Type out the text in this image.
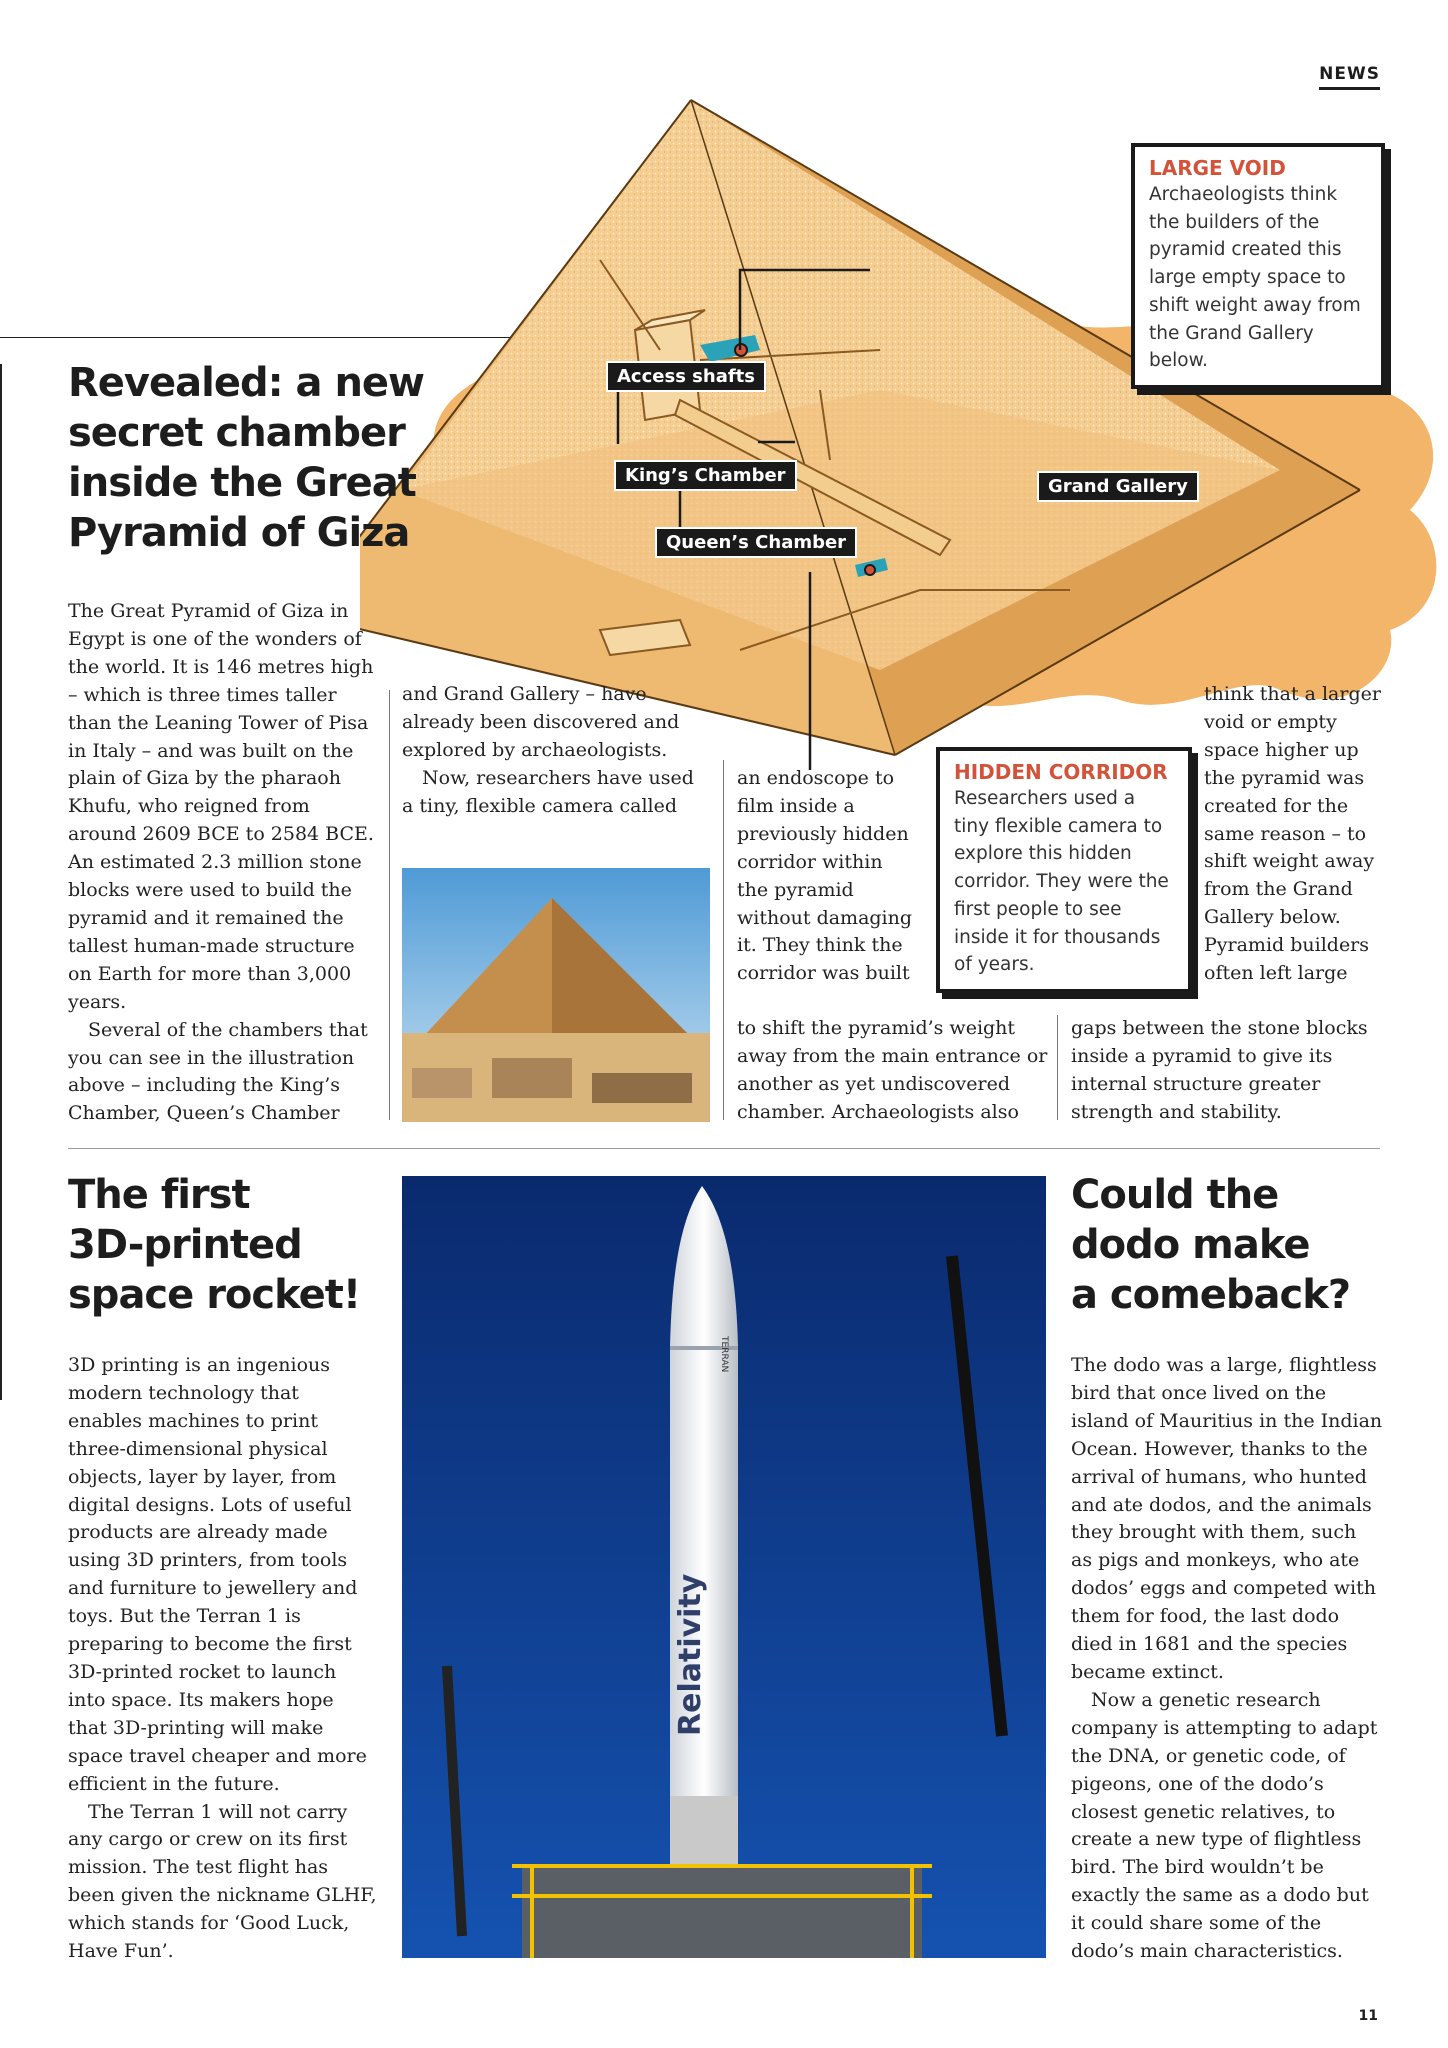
NEWS
Access shafts
King’s Chamber
Queen’s Chamber
Grand Gallery
LARGE VOID
Archaeologists think the builders of the pyramid created this large empty space to shift weight away from the Grand Gallery below.
HIDDEN CORRIDOR
Researchers used a tiny flexible camera to explore this hidden corridor. They were the first people to see inside it for thousands of years.
Revealed: a new
secret chamber
inside the Great
Pyramid of Giza

The Great Pyramid of Giza in Egypt is one of the wonders of the world. It is 146 metres high – which is three times taller than the Leaning Tower of Pisa in Italy – and was built on the plain of Giza by the pharaoh Khufu, who reigned from around 2609 BCE to 2584 BCE. An estimated 2.3 million stone blocks were used to build the pyramid and it remained the tallest human-made structure on Earth for more than 3,000 years.

Several of the chambers that you can see in the illustration above – including the King’s Chamber, Queen’s Chamber

and Grand Gallery – have already been discovered and explored by archaeologists.

Now, researchers have used a tiny, flexible camera called

an endoscope to film inside a previously hidden corridor within the pyramid without damaging it. They think the corridor was built

to shift the pyramid’s weight away from the main entrance or another as yet undiscovered chamber. Archaeologists also

think that a larger void or empty space higher up the pyramid was created for the same reason – to shift weight away from the Grand Gallery below. Pyramid builders often left large

gaps between the stone blocks inside a pyramid to give its internal structure greater strength and stability.

The first
3D-printed
space rocket!

3D printing is an ingenious modern technology that enables machines to print three-dimensional physical objects, layer by layer, from digital designs. Lots of useful products are already made using 3D printers, from tools and furniture to jewellery and toys. But the Terran 1 is preparing to become the first 3D-printed rocket to launch into space. Its makers hope that 3D-printing will make space travel cheaper and more efficient in the future.

The Terran 1 will not carry any cargo or crew on its first mission. The test flight has been given the nickname GLHF, which stands for ‘Good Luck, Have Fun’.

Relativity
TERRAN
Could the
dodo make
a comeback?

The dodo was a large, flightless bird that once lived on the island of Mauritius in the Indian Ocean. However, thanks to the arrival of humans, who hunted and ate dodos, and the animals they brought with them, such as pigs and monkeys, who ate dodos’ eggs and competed with them for food, the last dodo died in 1681 and the species became extinct.

Now a genetic research company is attempting to adapt the DNA, or genetic code, of pigeons, one of the dodo’s closest genetic relatives, to create a new type of flightless bird. The bird wouldn’t be exactly the same as a dodo but it could share some of the dodo’s main characteristics.

11
